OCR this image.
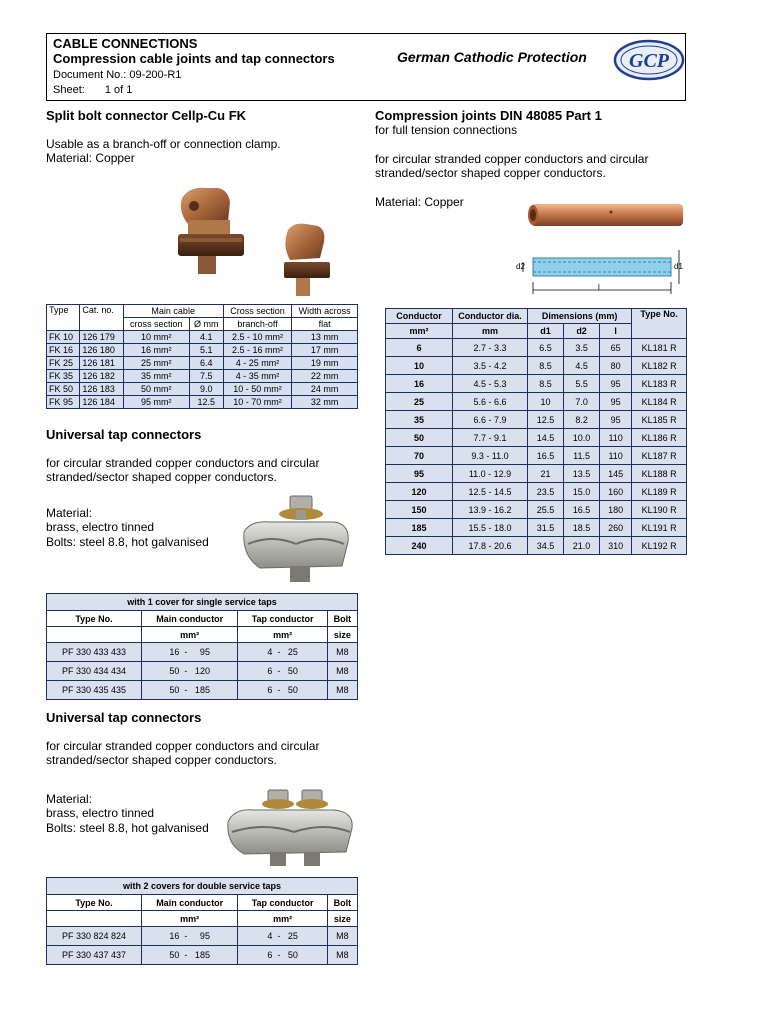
CABLE CONNECTIONS
Compression cable joints and tap connectors
Document No.: 09-200-R1
Sheet: 1 of 1
German Cathodic Protection GCP
Split bolt connector Cellp-Cu FK
Usable as a branch-off or connection clamp.
Material: Copper
Type	Cat. no.	Main cable		Cross section	Width across
		cross section	Ø mm	branch-off	flat
FK 10	126 179	10 mm²	4.1	2.5 - 10 mm²	13 mm
FK 16	126 180	16 mm²	5.1	2.5 - 16 mm²	17 mm
FK 25	126 181	25 mm²	6.4	4 - 25 mm²	19 mm
FK 35	126 182	35 mm²	7.5	4 - 35 mm²	22 mm
FK 50	126 183	50 mm²	9.0	10 - 50 mm²	24 mm
FK 95	126 184	95 mm²	12.5	10 - 70 mm²	32 mm
Universal tap connectors
for circular stranded copper conductors and circular
stranded/sector shaped copper conductors.
Material:
brass, electro tinned
Bolts: steel 8.8, hot galvanised
with 1 cover for single service taps			
Type No.	Main conductor	Tap conductor	Bolt
	mm²	mm²	size
PF 330 433 433	16  -     95	4  -   25	M8
PF 330 434 434	50  -   120	6  -   50	M8
PF 330 435 435	50  -   185	6  -   50	M8
Universal tap connectors
for circular stranded copper conductors and circular
stranded/sector shaped copper conductors.
Material:
brass, electro tinned
Bolts: steel 8.8, hot galvanised
with 2 covers for double service taps			
Type No.	Main conductor	Tap conductor	Bolt
	mm²	mm²	size
PF 330 824 824	16  -     95	4  -   25	M8
PF 330 437 437	50  -   185	6  -   50	M8
Compression joints DIN 48085 Part 1
for full tension connections
for circular stranded copper conductors and circular
stranded/sector shaped copper conductors.
Material: Copper
d2	d1
l
Conductor	Conductor dia.	Dimensions (mm)			Type No.
mm²	mm	d1	d2	l	
6	2.7 - 3.3	6.5	3.5	65	KL181 R
10	3.5 - 4.2	8.5	4.5	80	KL182 R
16	4.5 - 5.3	8.5	5.5	95	KL183 R
25	5.6 - 6.6	10	7.0	95	KL184 R
35	6.6 - 7.9	12.5	8.2	95	KL185 R
50	7.7 - 9.1	14.5	10.0	110	KL186 R
70	9.3 - 11.0	16.5	11.5	110	KL187 R
95	11.0 - 12.9	21	13.5	145	KL188 R
120	12.5 - 14.5	23.5	15.0	160	KL189 R
150	13.9 - 16.2	25.5	16.5	180	KL190 R
185	15.5 - 18.0	31.5	18.5	260	KL191 R
240	17.8 - 20.6	34.5	21.0	310	KL192 R
